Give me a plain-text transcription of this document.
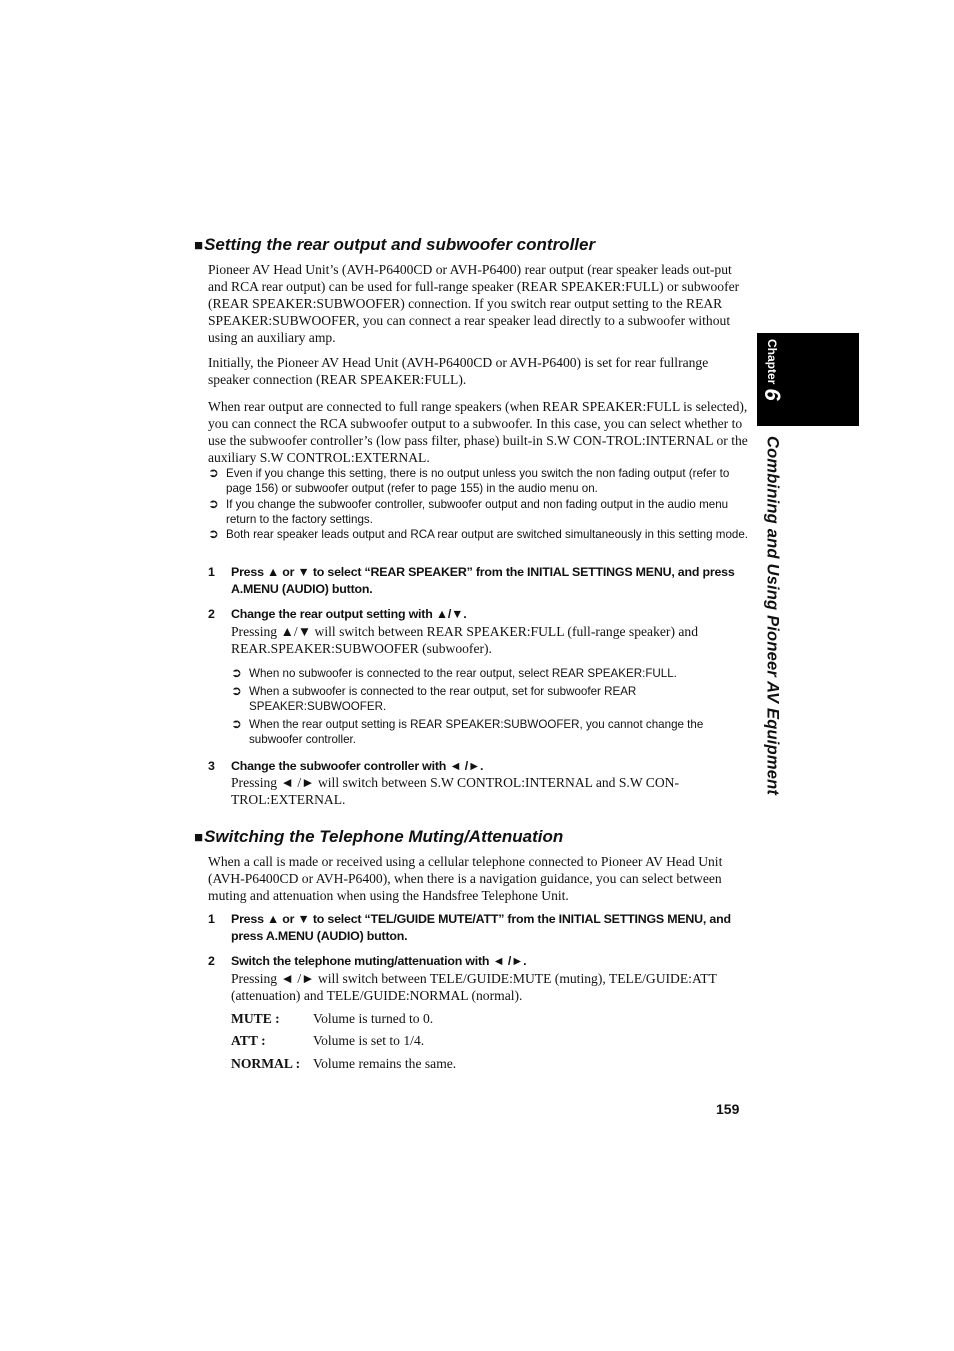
■Setting the rear output and subwoofer controller
Pioneer AV Head Unit’s (AVH-P6400CD or AVH-P6400) rear output (rear speaker leads out-put and RCA rear output) can be used for full-range speaker (REAR SPEAKER:FULL) or subwoofer (REAR SPEAKER:SUBWOOFER) connection. If you switch rear output setting to the REAR SPEAKER:SUBWOOFER, you can connect a rear speaker lead directly to a subwoofer without using an auxiliary amp.
Initially, the Pioneer AV Head Unit (AVH-P6400CD or AVH-P6400) is set for rear fullrange speaker connection (REAR SPEAKER:FULL).
When rear output are connected to full range speakers (when REAR SPEAKER:FULL is selected), you can connect the RCA subwoofer output to a subwoofer. In this case, you can select whether to use the subwoofer controller’s (low pass filter, phase) built-in S.W CON-TROL:INTERNAL or the auxiliary S.W CONTROL:EXTERNAL.
➲ Even if you change this setting, there is no output unless you switch the non fading output (refer to page 156) or subwoofer output (refer to page 155) in the audio menu on.
➲ If you change the subwoofer controller, subwoofer output and non fading output in the audio menu return to the factory settings.
➲ Both rear speaker leads output and RCA rear output are switched simultaneously in this setting mode.
1 Press ▲ or ▼ to select “REAR SPEAKER” from the INITIAL SETTINGS MENU, and press A.MENU (AUDIO) button.
2 Change the rear output setting with ▲/▼.
Pressing ▲/▼ will switch between REAR SPEAKER:FULL (full-range speaker) and REAR.SPEAKER:SUBWOOFER (subwoofer).
➲ When no subwoofer is connected to the rear output, select REAR SPEAKER:FULL.
➲ When a subwoofer is connected to the rear output, set for subwoofer REAR SPEAKER:SUBWOOFER.
➲ When the rear output setting is REAR SPEAKER:SUBWOOFER, you cannot change the subwoofer controller.
3 Change the subwoofer controller with ◄ /►.
Pressing ◄ /► will switch between S.W CONTROL:INTERNAL and S.W CON-TROL:EXTERNAL.
■Switching the Telephone Muting/Attenuation
When a call is made or received using a cellular telephone connected to Pioneer AV Head Unit (AVH-P6400CD or AVH-P6400), when there is a navigation guidance, you can select between muting and attenuation when using the Handsfree Telephone Unit.
1 Press ▲ or ▼ to select “TEL/GUIDE MUTE/ATT” from the INITIAL SETTINGS MENU, and press A.MENU (AUDIO) button.
2 Switch the telephone muting/attenuation with ◄ /►.
Pressing ◄ /► will switch between TELE/GUIDE:MUTE (muting), TELE/GUIDE:ATT (attenuation) and TELE/GUIDE:NORMAL (normal).
MUTE : Volume is turned to 0.
ATT :	Volume is set to 1/4.
NORMAL : Volume remains the same.
159
Chapter6
Combining and Using Pioneer AV Equipment
